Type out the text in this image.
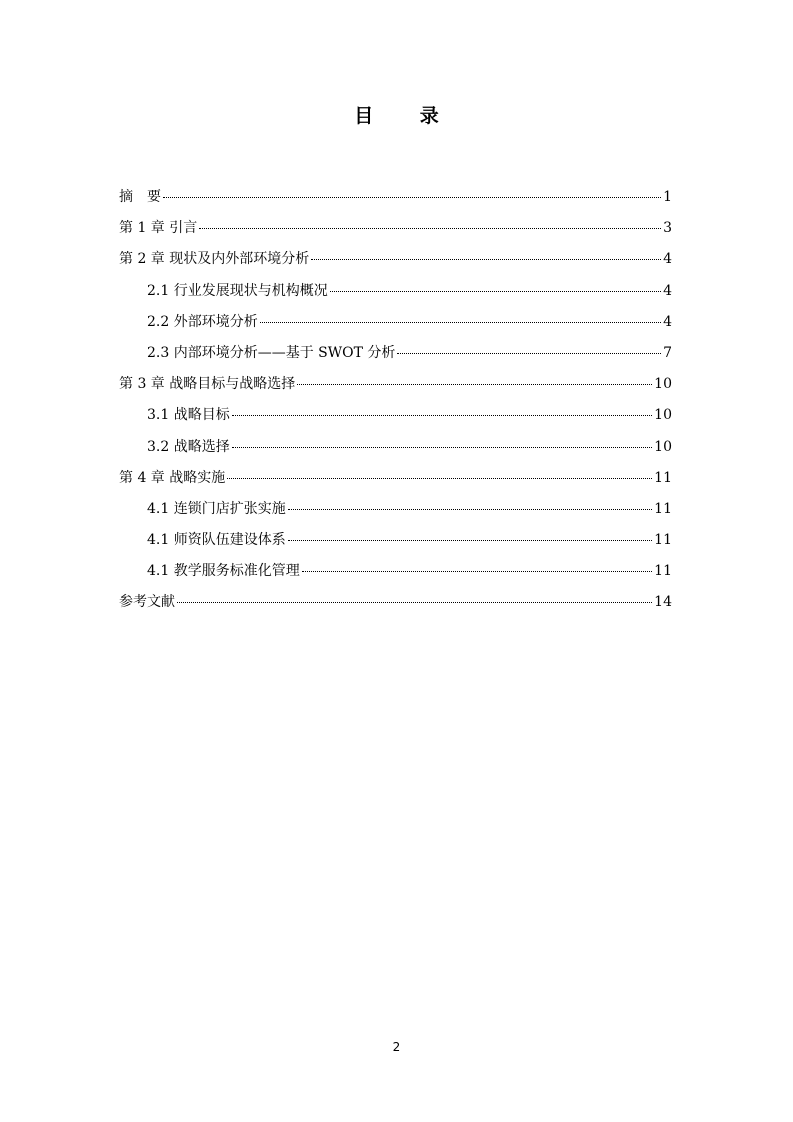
目 录
摘　要	1
第 1 章 引言	3
第 2 章 现状及内外部环境分析	4
2.1 行业发展现状与机构概况	4
2.2 外部环境分析	4
2.3 内部环境分析——基于 SWOT 分析	7
第 3 章 战略目标与战略选择	10
3.1 战略目标	10
3.2 战略选择	10
第 4 章 战略实施	11
4.1 连锁门店扩张实施	11
4.1 师资队伍建设体系	11
4.1 教学服务标准化管理	11
参考文献	14
2
